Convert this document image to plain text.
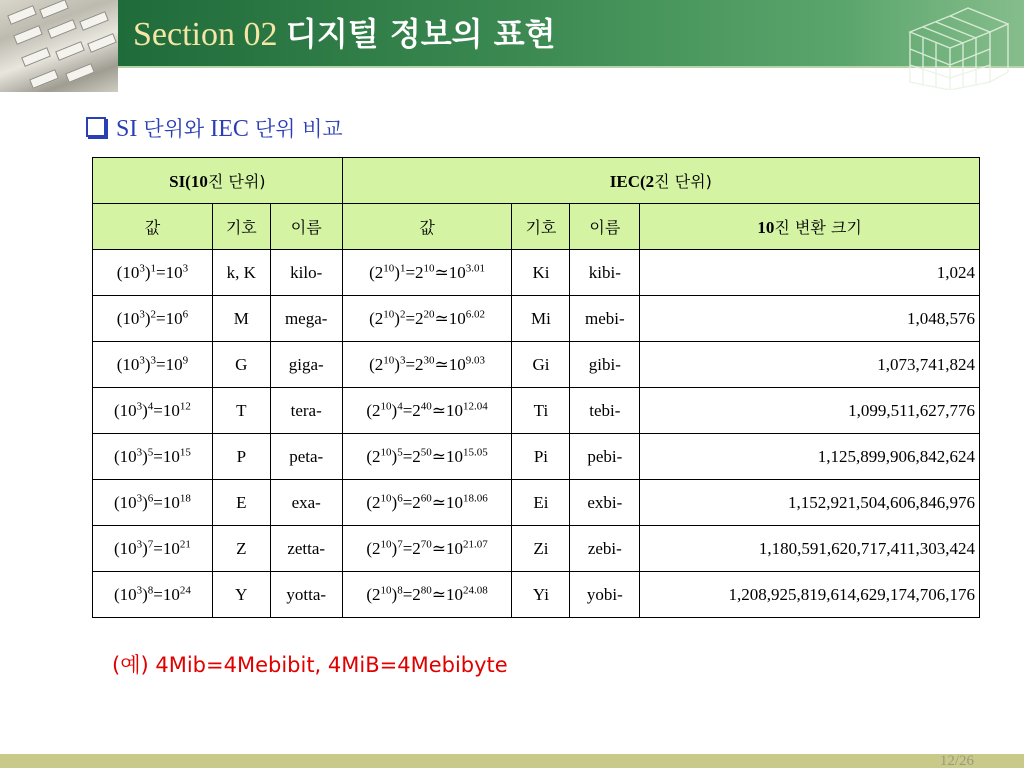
Section 02 디지털 정보의 표현
SI 단위와 IEC 단위 비교
SI(10진 단위)			IEC(2진 단위)			
값	기호	이름	값	기호	이름	10진 변환 크기
$(10^3)^1=10^3$	k, K	kilo-	$(2^{10})^1=2^{10}≃10^{3.01}$	Ki	kibi-	1,024
$(10^3)^2=10^6$	M	mega-	$(2^{10})^2=2^{20}≃10^{6.02}$	Mi	mebi-	1,048,576
$(10^3)^3=10^9$	G	giga-	$(2^{10})^3=2^{30}≃10^{9.03}$	Gi	gibi-	1,073,741,824
$(10^3)^4=10^{12}$	T	tera-	$(2^{10})^4=2^{40}≃10^{12.04}$	Ti	tebi-	1,099,511,627,776
$(10^3)^5=10^{15}$	P	peta-	$(2^{10})^5=2^{50}≃10^{15.05}$	Pi	pebi-	1,125,899,906,842,624
$(10^3)^6=10^{18}$	E	exa-	$(2^{10})^6=2^{60}≃10^{18.06}$	Ei	exbi-	1,152,921,504,606,846,976
$(10^3)^7=10^{21}$	Z	zetta-	$(2^{10})^7=2^{70}≃10^{21.07}$	Zi	zebi-	1,180,591,620,717,411,303,424
$(10^3)^8=10^{24}$	Y	yotta-	$(2^{10})^8=2^{80}≃10^{24.08}$	Yi	yobi-	1,208,925,819,614,629,174,706,176
(예) 4Mib=4Mebibit, 4MiB=4Mebibyte
12/26
